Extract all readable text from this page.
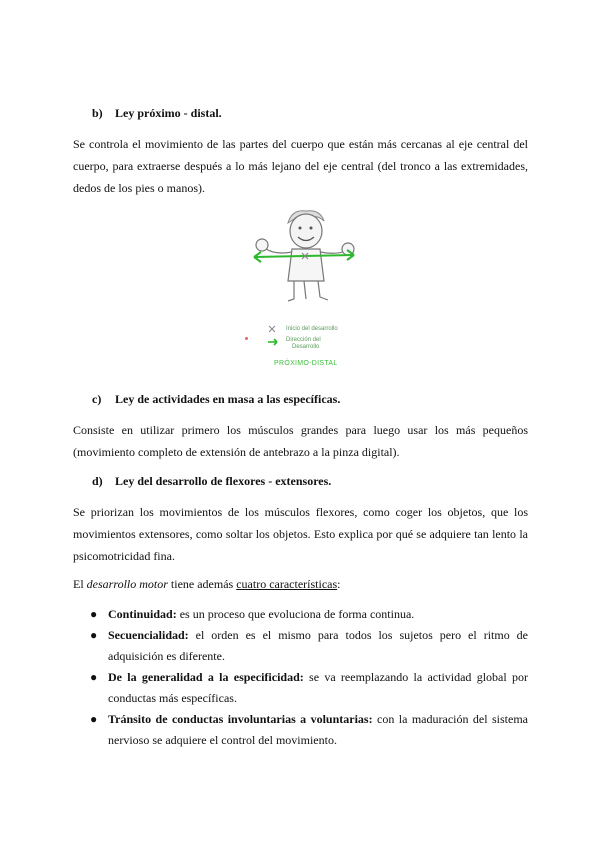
b) Ley próximo - distal.

Se controla el movimiento de las partes del cuerpo que están más cercanas al eje central del
cuerpo, para extraerse después a lo más lejano del eje central (del tronco a las extremidades,
dedos de los pies o manos).

Inicio del desarrollo
Dirección del
Desarrollo
PRÓXIMO-DISTAL
c) Ley de actividades en masa a las específicas.

Consiste en utilizar primero los músculos grandes para luego usar los más pequeños
(movimiento completo de extensión de antebrazo a la pinza digital).

d) Ley del desarrollo de flexores - extensores.

Se priorizan los movimientos de los músculos flexores, como coger los objetos, que los
movimientos extensores, como soltar los objetos. Esto explica por qué se adquiere tan lento la
psicomotricidad fina.

El desarrollo motor tiene además cuatro características:

● Continuidad: es un proceso que evoluciona de forma continua.
● Secuencialidad: el orden es el mismo para todos los sujetos pero el ritmo de adquisición es diferente.
● De la generalidad a la especificidad: se va reemplazando la actividad global por conductas más específicas.
● Tránsito de conductas involuntarias a voluntarias: con la maduración del sistema nervioso se adquiere el control del movimiento.
